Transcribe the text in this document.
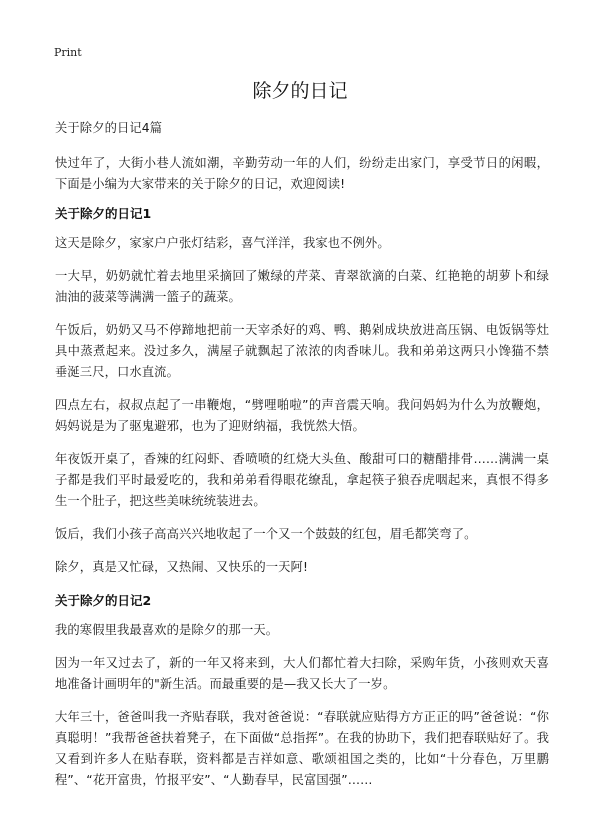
Print
除夕的日记

关于除夕的日记4篇

快过年了，大街小巷人流如潮，辛勤劳动一年的人们，纷纷走出家门，享受节日的闲暇，下面是小编为大家带来的关于除夕的日记，欢迎阅读!

关于除夕的日记1

这天是除夕，家家户户张灯结彩，喜气洋洋，我家也不例外。

一大早，奶奶就忙着去地里采摘回了嫩绿的芹菜、青翠欲滴的白菜、红艳艳的胡萝卜和绿油油的菠菜等满满一篮子的蔬菜。

午饭后，奶奶又马不停蹄地把前一天宰杀好的鸡、鸭、鹅剁成块放进高压锅、电饭锅等灶具中蒸煮起来。没过多久，满屋子就飘起了浓浓的肉香味儿。我和弟弟这两只小馋猫不禁垂涎三尺，口水直流。

四点左右，叔叔点起了一串鞭炮，“劈哩啪啦”的声音震天响。我问妈妈为什么为放鞭炮，妈妈说是为了驱鬼避邪，也为了迎财纳福，我恍然大悟。

年夜饭开桌了，香辣的红闷虾、香喷喷的红烧大头鱼、酸甜可口的糖醋排骨……满满一桌子都是我们平时最爱吃的，我和弟弟看得眼花缭乱，拿起筷子狼吞虎咽起来，真恨不得多生一个肚子，把这些美味统统装进去。

饭后，我们小孩子高高兴兴地收起了一个又一个鼓鼓的红包，眉毛都笑弯了。

除夕，真是又忙碌，又热闹、又快乐的一天阿!

关于除夕的日记2

我的寒假里我最喜欢的是除夕的那一天。

因为一年又过去了，新的一年又将来到，大人们都忙着大扫除，采购年货，小孩则欢天喜地准备计画明年的"新生活。而最重要的是—我又长大了一岁。

大年三十，爸爸叫我一齐贴春联，我对爸爸说：“春联就应贴得方方正正的吗”爸爸说：“你真聪明！”我帮爸爸扶着凳子，在下面做“总指挥”。在我的协助下，我们把春联贴好了。我又看到许多人在贴春联，资料都是吉祥如意、歌颂祖国之类的，比如“十分春色，万里鹏程”、“花开富贵，竹报平安”、“人勤春早，民富国强”……
